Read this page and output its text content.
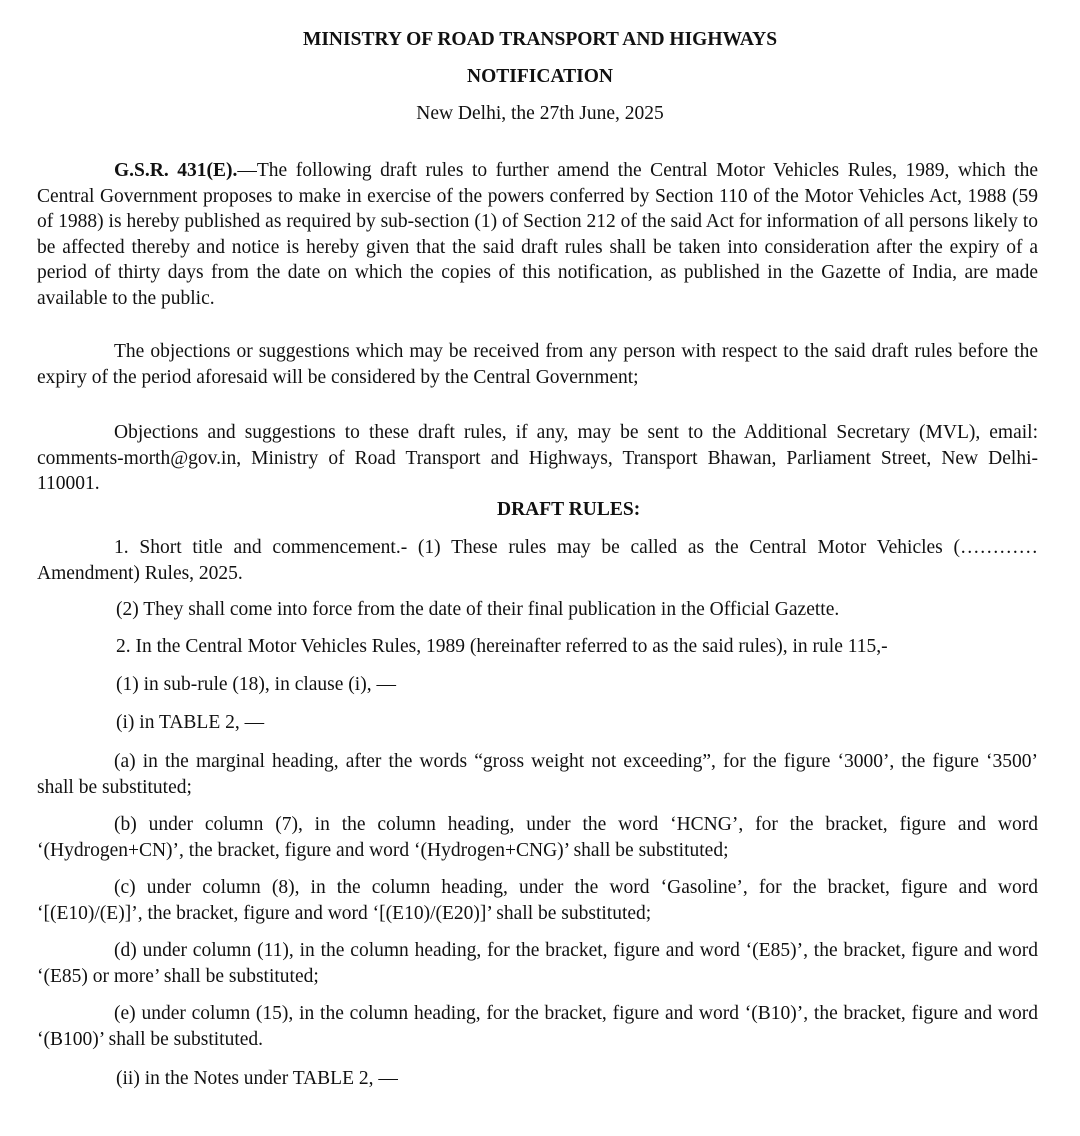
MINISTRY OF ROAD TRANSPORT AND HIGHWAYS

NOTIFICATION

New Delhi, the 27th June, 2025

G.S.R. 431(E).—The following draft rules to further amend the Central Motor Vehicles Rules, 1989, which the Central Government proposes to make in exercise of the powers conferred by Section 110 of the Motor Vehicles Act, 1988 (59 of 1988) is hereby published as required by sub-section (1) of Section 212 of the said Act for information of all persons likely to be affected thereby and notice is hereby given that the said draft rules shall be taken into consideration after the expiry of a period of thirty days from the date on which the copies of this notification, as published in the Gazette of India, are made available to the public.

The objections or suggestions which may be received from any person with respect to the said draft rules before the expiry of the period aforesaid will be considered by the Central Government;

Objections and suggestions to these draft rules, if any, may be sent to the Additional Secretary (MVL), email: comments-morth@gov.in, Ministry of Road Transport and Highways, Transport Bhawan, Parliament Street, New Delhi-110001.

DRAFT RULES:

1. Short title and commencement.- (1) These rules may be called as the Central Motor Vehicles (………… Amendment) Rules, 2025.

(2) They shall come into force from the date of their final publication in the Official Gazette.

2. In the Central Motor Vehicles Rules, 1989 (hereinafter referred to as the said rules), in rule 115,-

(1) in sub-rule (18), in clause (i), —

(i) in TABLE 2, —

(a) in the marginal heading, after the words “gross weight not exceeding”, for the figure ‘3000’, the figure ‘3500’ shall be substituted;

(b) under column (7), in the column heading, under the word ‘HCNG’, for the bracket, figure and word ‘(Hydrogen+CN)’, the bracket, figure and word ‘(Hydrogen+CNG)’ shall be substituted;

(c) under column (8), in the column heading, under the word ‘Gasoline’, for the bracket, figure and word ‘[(E10)/(E)]’, the bracket, figure and word ‘[(E10)/(E20)]’ shall be substituted;

(d) under column (11), in the column heading, for the bracket, figure and word ‘(E85)’, the bracket, figure and word ‘(E85) or more’ shall be substituted;

(e) under column (15), in the column heading, for the bracket, figure and word ‘(B10)’, the bracket, figure and word ‘(B100)’ shall be substituted.

(ii) in the Notes under TABLE 2, —
